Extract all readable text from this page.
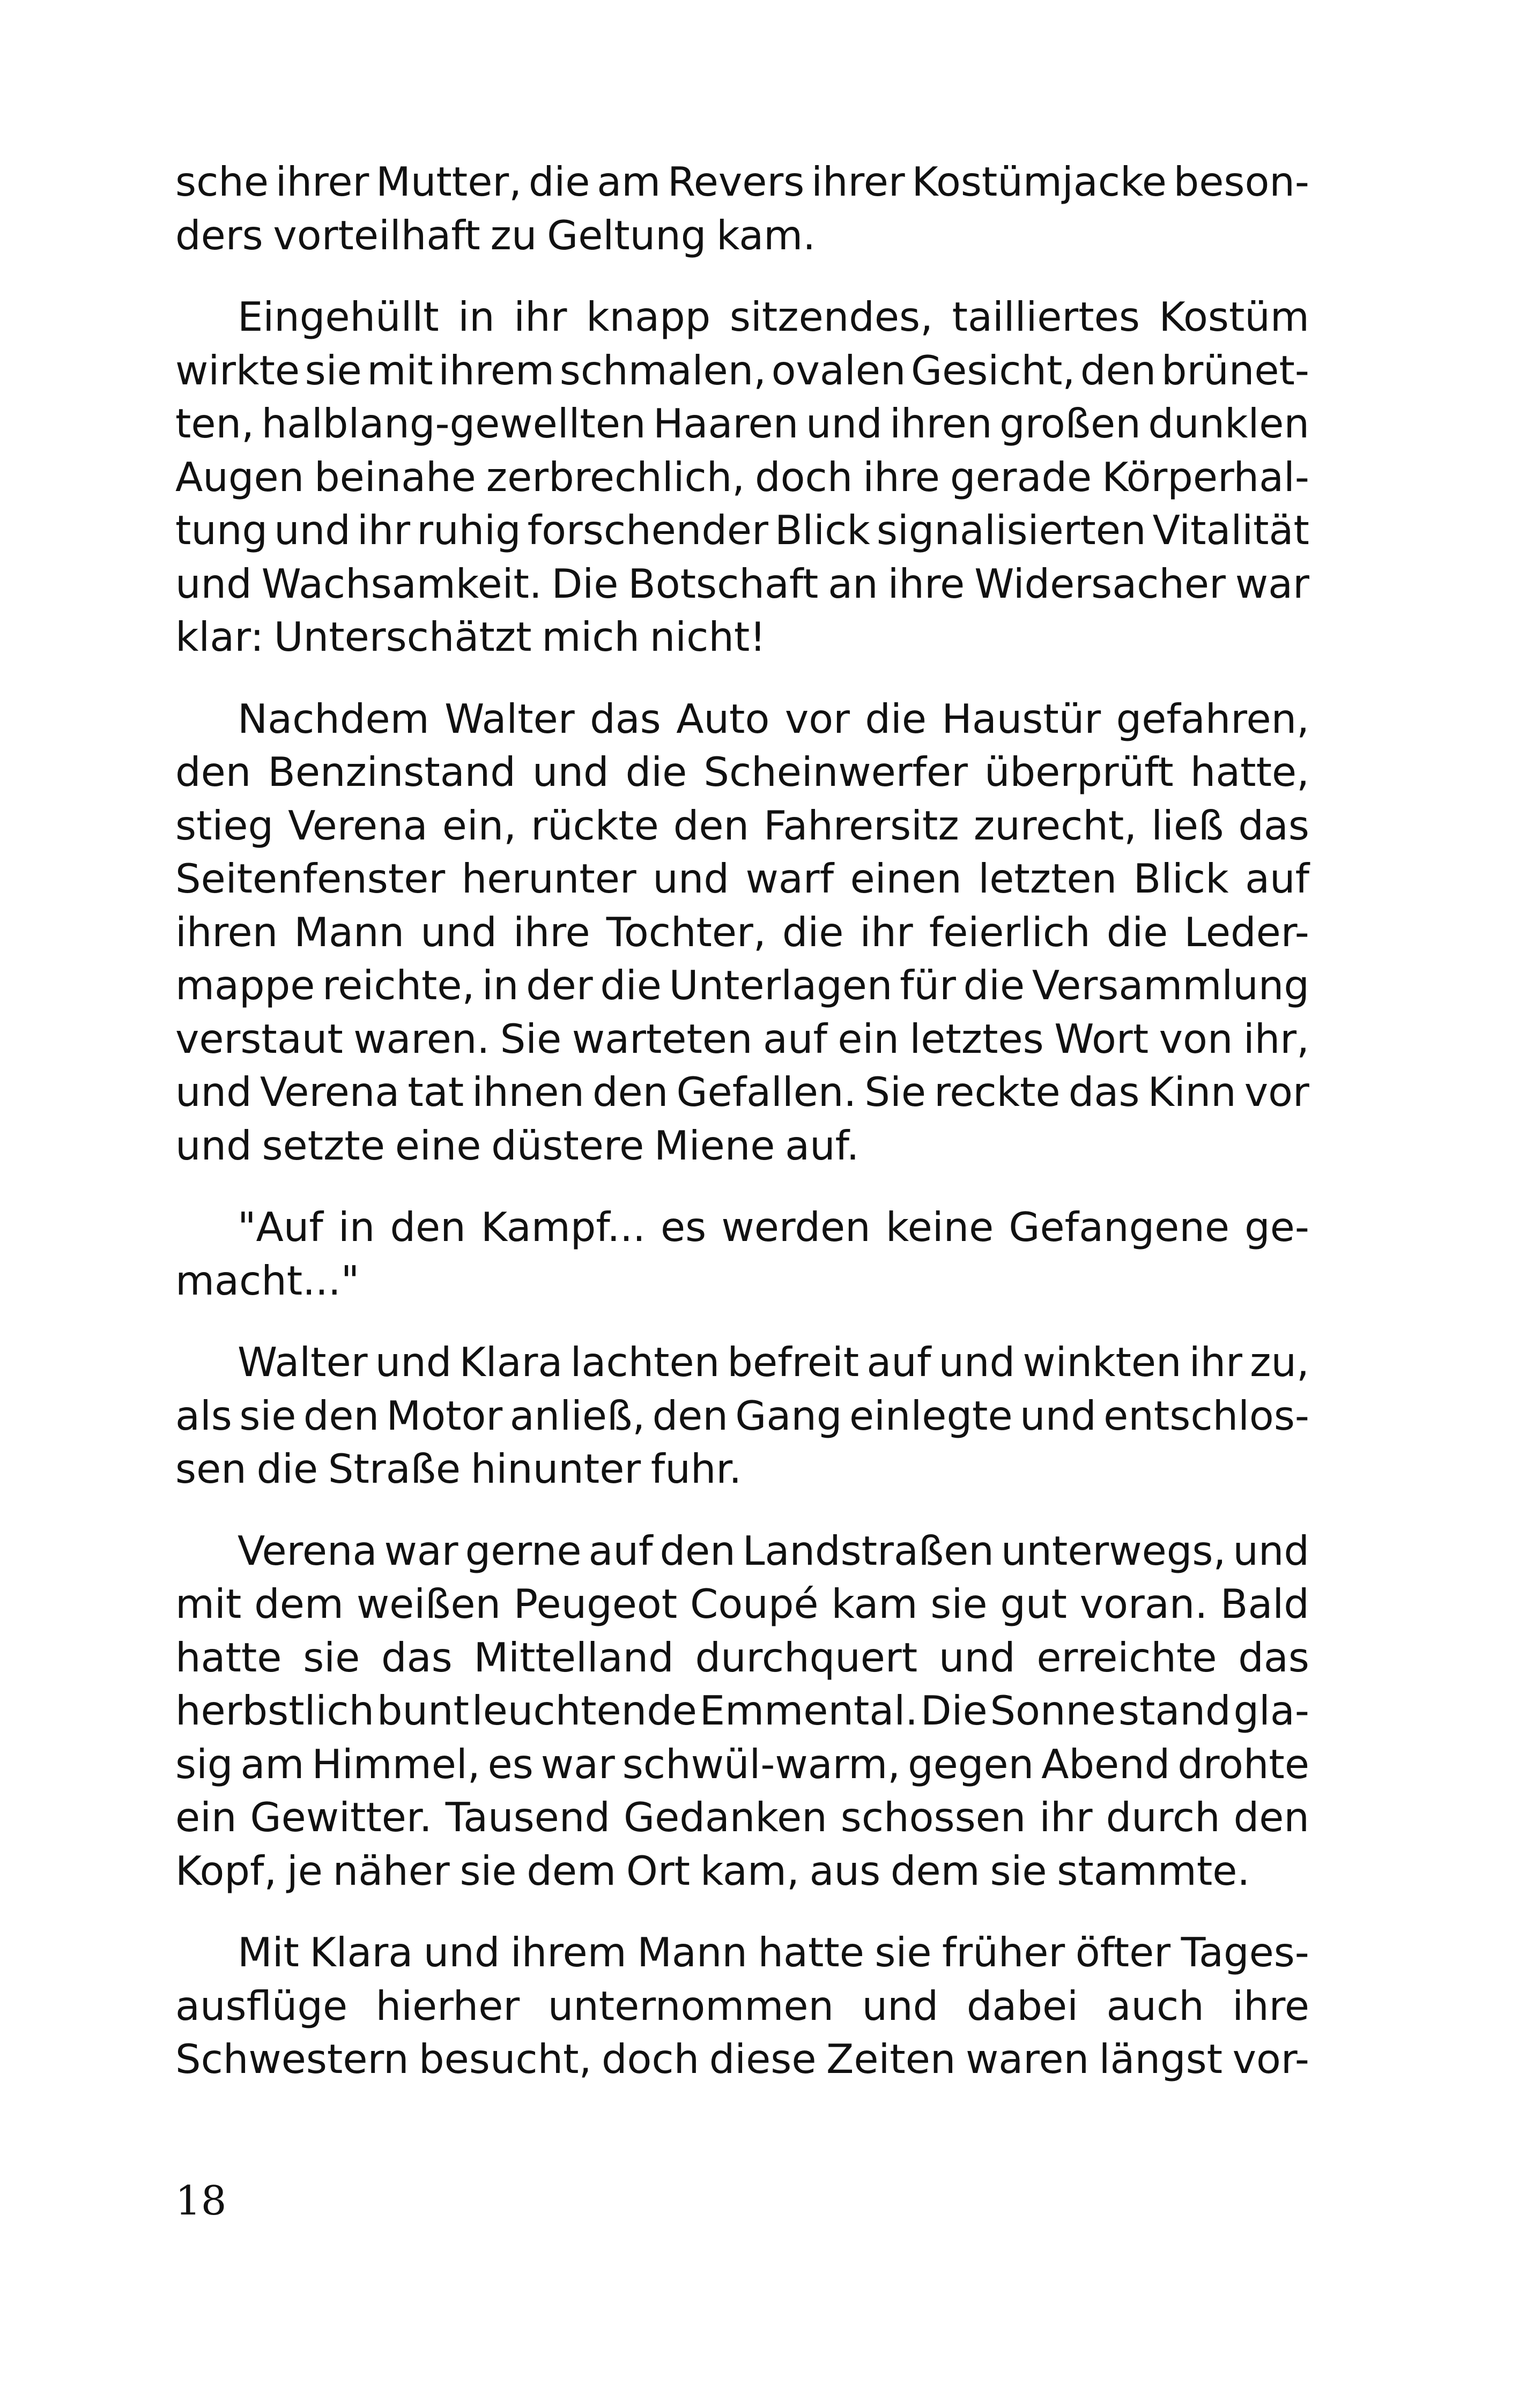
sche ihrer Mutter, die am Revers ihrer Kostümjacke beson-
ders vorteilhaft zu Geltung kam.
Eingehüllt in ihr knapp sitzendes, tailliertes Kostüm
wirkte sie mit ihrem schmalen, ovalen Gesicht, den brünet-
ten, halblang-gewellten Haaren und ihren großen dunklen
Augen beinahe zerbrechlich, doch ihre gerade Körperhal-
tung und ihr ruhig forschender Blick signalisierten Vitalität
und Wachsamkeit. Die Botschaft an ihre Widersacher war
klar: Unterschätzt mich nicht!
Nachdem Walter das Auto vor die Haustür gefahren,
den Benzinstand und die Scheinwerfer überprüft hatte,
stieg Verena ein, rückte den Fahrersitz zurecht, ließ das
Seitenfenster herunter und warf einen letzten Blick auf
ihren Mann und ihre Tochter, die ihr feierlich die Leder-
mappe reichte, in der die Unterlagen für die Versammlung
verstaut waren. Sie warteten auf ein letztes Wort von ihr,
und Verena tat ihnen den Gefallen. Sie reckte das Kinn vor
und setzte eine düstere Miene auf.
"Auf in den Kampf... es werden keine Gefangene ge-
macht..."
Walter und Klara lachten befreit auf und winkten ihr zu,
als sie den Motor anließ, den Gang einlegte und entschlos-
sen die Straße hinunter fuhr.
Verena war gerne auf den Landstraßen unterwegs, und
mit dem weißen Peugeot Coupé kam sie gut voran. Bald
hatte sie das Mittelland durchquert und erreichte das
herbstlich bunt leuchtende Emmental. Die Sonne stand gla-
sig am Himmel, es war schwül-warm, gegen Abend drohte
ein Gewitter. Tausend Gedanken schossen ihr durch den
Kopf, je näher sie dem Ort kam, aus dem sie stammte.
Mit Klara und ihrem Mann hatte sie früher öfter Tages-
ausflüge hierher unternommen und dabei auch ihre
Schwestern besucht, doch diese Zeiten waren längst vor-
18
